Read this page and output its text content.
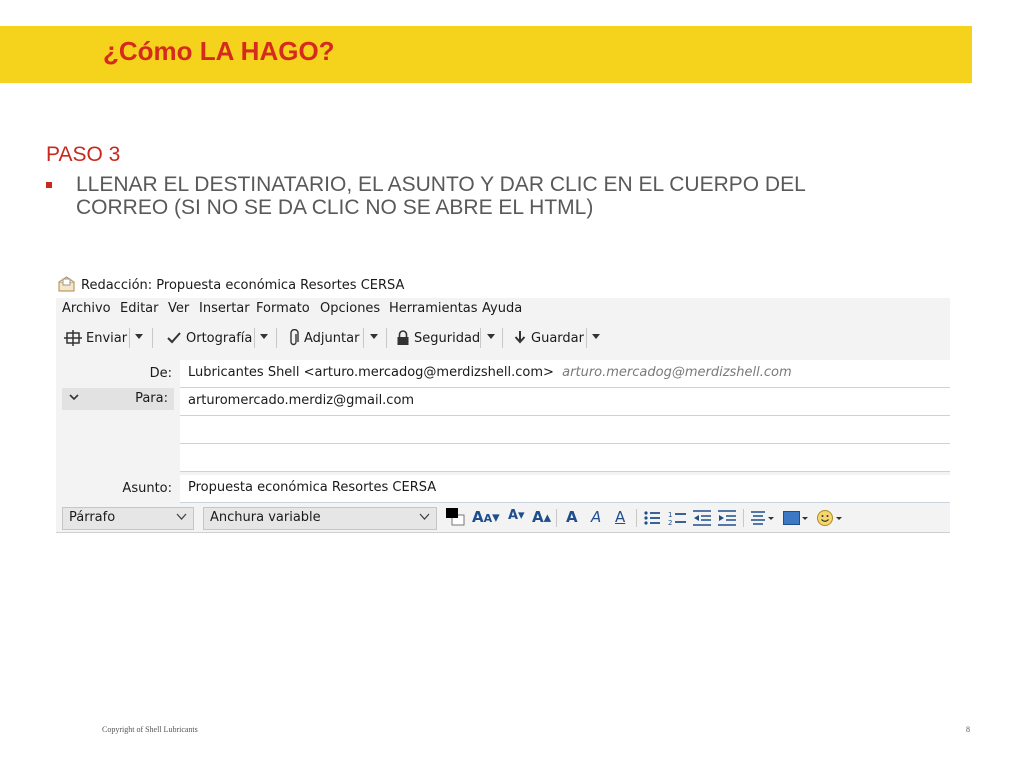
¿Cómo LA HAGO?
PASO 3
LLENAR EL DESTINATARIO, EL ASUNTO Y DAR CLIC EN EL CUERPO DEL CORREO (SI NO SE DA CLIC NO SE ABRE EL HTML)
Redacción: Propuesta económica Resortes CERSA
Archivo Editar Ver Insertar Formato Opciones Herramientas Ayuda
Enviar	Ortografía	Adjuntar	Seguridad	Guardar
De: Lubricantes Shell <arturo.mercadog@merdizshell.com> arturo.mercadog@merdizshell.com
Para: arturomercado.merdiz@gmail.com
Asunto: Propuesta económica Resortes CERSA
Párrafo	Anchura variable	AA▾ A▾ A▴ A A A	1
2
Copyright of Shell Lubricants	8
